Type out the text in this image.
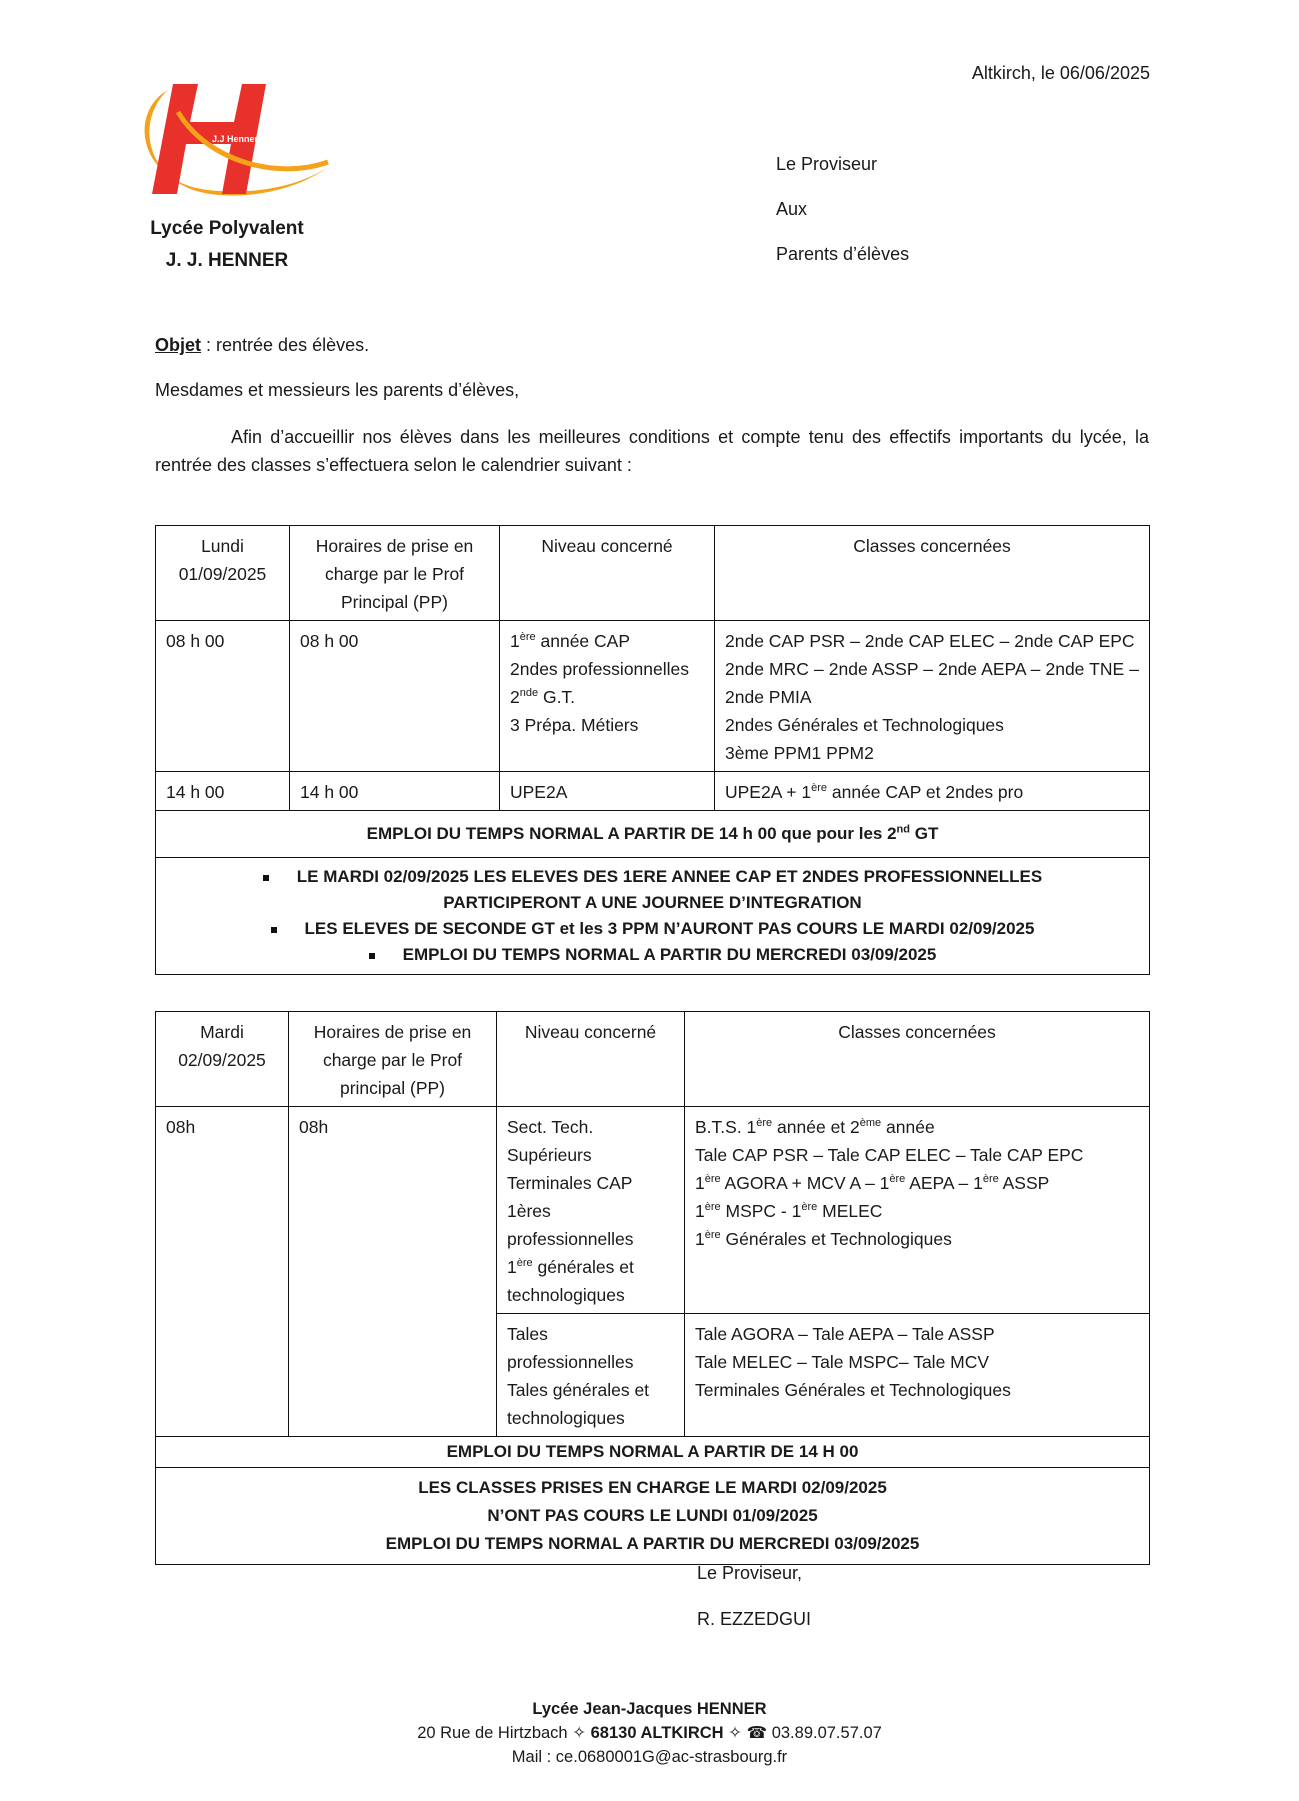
J.J Henner
Lycée Polyvalent
J. J. HENNER
Altkirch, le 06/06/2025
Le Proviseur
Aux
Parents d’élèves
Objet : rentrée des élèves.
Mesdames et messieurs les parents d’élèves,
Afin d’accueillir nos élèves dans les meilleures conditions et compte tenu des effectifs importants du lycée, la rentrée des classes s’effectuera selon le calendrier suivant :
Lundi 01/09/2025	Horaires de prise en charge par le Prof Principal (PP)	Niveau concerné	Classes concernées
08 h 00	08 h 00	1ère année CAP
2ndes professionnelles
2nde G.T.
3 Prépa. Métiers	2nde CAP PSR – 2nde CAP ELEC – 2nde CAP EPC
2nde MRC – 2nde ASSP – 2nde AEPA – 2nde TNE – 2nde PMIA
2ndes Générales et Technologiques
3ème PPM1 PPM2

14 h 00	14 h 00	UPE2A	UPE2A + 1ère année CAP et 2ndes pro
EMPLOI DU TEMPS NORMAL A PARTIR DE 14 h 00 que pour les 2nd GT			

LE MARDI 02/09/2025 LES ELEVES DES 1ERE ANNEE CAP ET 2NDES PROFESSIONNELLES
PARTICIPERONT A UNE JOURNEE D’INTEGRATION
LES ELEVES DE SECONDE GT et les 3 PPM N’AURONT PAS COURS LE MARDI 02/09/2025
EMPLOI DU TEMPS NORMAL A PARTIR DU MERCREDI 03/09/2025			
Mardi 02/09/2025	Horaires de prise en charge par le Prof principal (PP)	Niveau concerné	Classes concernées
08h	08h	Sect. Tech. Supérieurs
Terminales CAP
1ères professionnelles
1ère générales et technologiques	B.T.S. 1ère année et 2ème année
Tale CAP PSR – Tale CAP ELEC – Tale CAP EPC
1ère AGORA + MCV A – 1ère AEPA – 1ère ASSP
1ère MSPC - 1ère MELEC
1ère Générales et Technologiques

		Tales professionnelles
Tales générales et technologiques	Tale AGORA – Tale AEPA – Tale ASSP
Tale MELEC – Tale MSPC– Tale MCV
Terminales Générales et Technologiques

EMPLOI DU TEMPS NORMAL A PARTIR DE 14 H 00			

LES CLASSES PRISES EN CHARGE LE MARDI 02/09/2025
N’ONT PAS COURS LE LUNDI 01/09/2025
EMPLOI DU TEMPS NORMAL A PARTIR DU MERCREDI 03/09/2025			
Le Proviseur,
R. EZZEDGUI
Lycée Jean-Jacques HENNER
20 Rue de Hirtzbach ✧ 68130 ALTKIRCH ✧ ☎ 03.89.07.57.07
Mail : ce.0680001G@ac-strasbourg.fr
